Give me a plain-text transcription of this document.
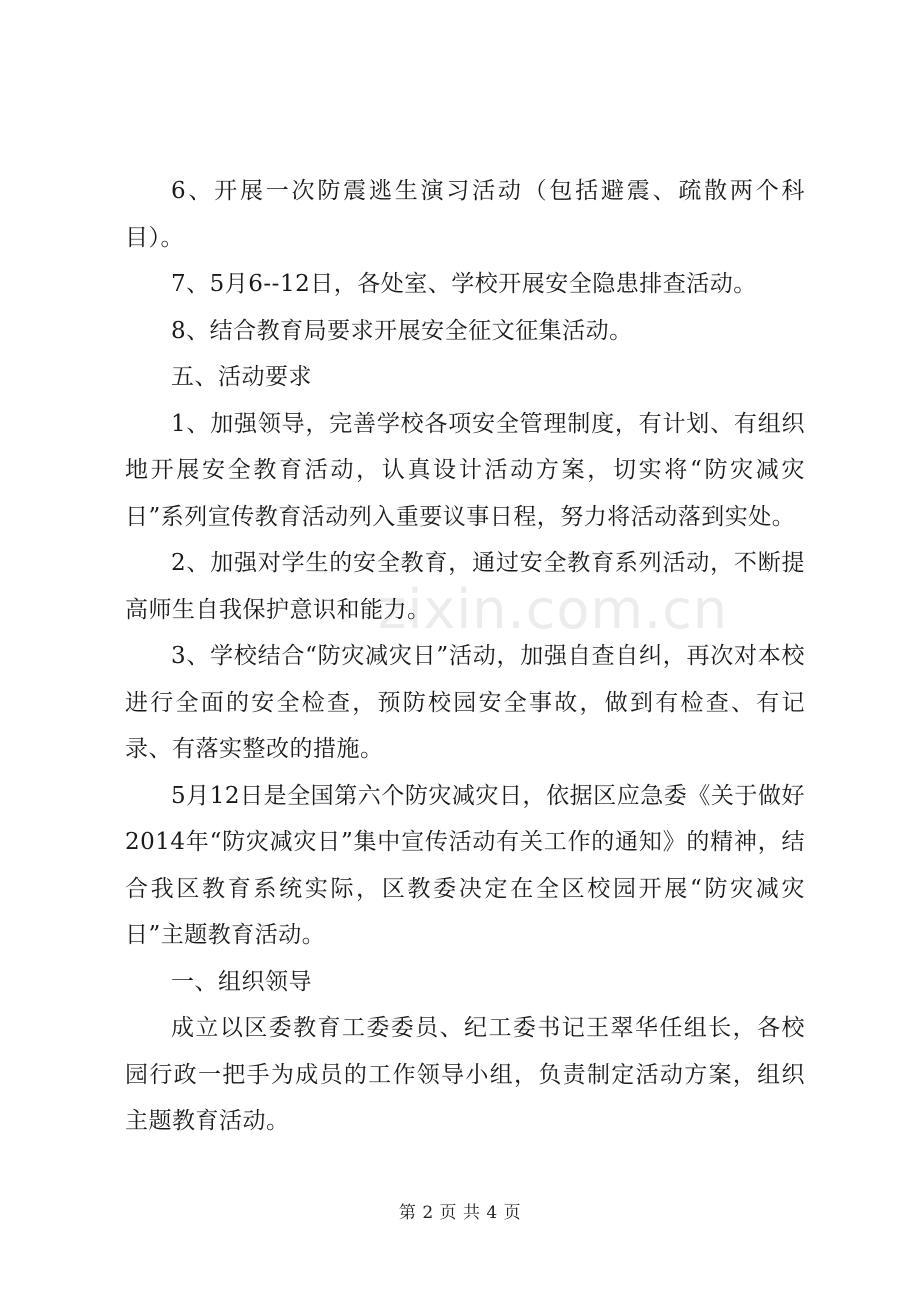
zixin.com.cn

6、开展一次防震逃生演习活动（包括避震、疏散两个科目）。

7、5月6--12日，各处室、学校开展安全隐患排查活动。

8、结合教育局要求开展安全征文征集活动。

五、活动要求

1、加强领导，完善学校各项安全管理制度，有计划、有组织地开展安全教育活动，认真设计活动方案，切实将“防灾减灾日”系列宣传教育活动列入重要议事日程，努力将活动落到实处。

2、加强对学生的安全教育，通过安全教育系列活动，不断提高师生自我保护意识和能力。

3、学校结合“防灾减灾日”活动，加强自查自纠，再次对本校进行全面的安全检查，预防校园安全事故，做到有检查、有记录、有落实整改的措施。

5月12日是全国第六个防灾减灾日，依据区应急委《关于做好2014年“防灾减灾日”集中宣传活动有关工作的通知》的精神，结合我区教育系统实际，区教委决定在全区校园开展“防灾减灾日”主题教育活动。

一、组织领导

成立以区委教育工委委员、纪工委书记王翠华任组长，各校园行政一把手为成员的工作领导小组，负责制定活动方案，组织主题教育活动。

第 2 页 共 4 页
